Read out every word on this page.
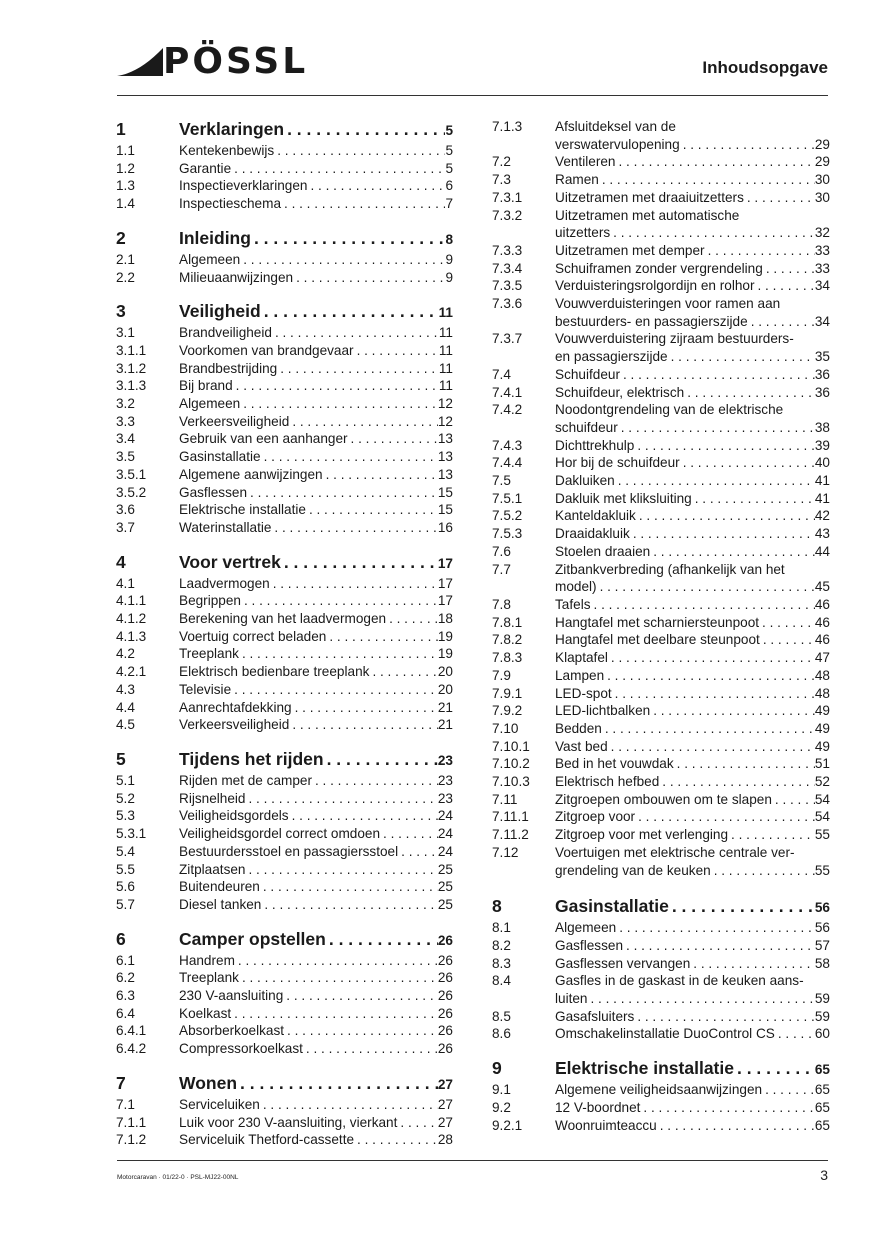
PÖSSL	Inhoudsopgave
1	Verklaringen . . .	5
1.1	Kentekenbewijs . . .	5
1.2	Garantie . . .	5
1.3	Inspectieverklaringen . . .	6
1.4	Inspectieschema . . .	7
2	Inleiding . . .	8
2.1	Algemeen . . .	9
2.2	Milieuaanwijzingen . . .	9
3	Veiligheid . . .	11
3.1	Brandveiligheid . . .	11
3.1.1	Voorkomen van brandgevaar . . .	11
3.1.2	Brandbestrijding . . .	11
3.1.3	Bij brand . . .	11
3.2	Algemeen . . .	12
3.3	Verkeersveiligheid . . .	12
3.4	Gebruik van een aanhanger . . .	13
3.5	Gasinstallatie . . .	13
3.5.1	Algemene aanwijzingen . . .	13
3.5.2	Gasflessen . . .	15
3.6	Elektrische installatie . . .	15
3.7	Waterinstallatie . . .	16
4	Voor vertrek . . .	17
4.1	Laadvermogen . . .	17
4.1.1	Begrippen . . .	17
4.1.2	Berekening van het laadvermogen . . .	18
4.1.3	Voertuig correct beladen . . .	19
4.2	Treeplank . . .	19
4.2.1	Elektrisch bedienbare treeplank . . .	20
4.3	Televisie . . .	20
4.4	Aanrechtafdekking . . .	21
4.5	Verkeersveiligheid . . .	21
5	Tijdens het rijden . . .	23
5.1	Rijden met de camper . . .	23
5.2	Rijsnelheid . . .	23
5.3	Veiligheidsgordels . . .	24
5.3.1	Veiligheidsgordel correct omdoen . . .	24
5.4	Bestuurdersstoel en passagiersstoel . . .	24
5.5	Zitplaatsen . . .	25
5.6	Buitendeuren . . .	25
5.7	Diesel tanken . . .	25
6	Camper opstellen . . .	26
6.1	Handrem . . .	26
6.2	Treeplank . . .	26
6.3	230 V-aansluiting . . .	26
6.4	Koelkast . . .	26
6.4.1	Absorberkoelkast . . .	26
6.4.2	Compressorkoelkast . . .	26
7	Wonen . . .	27
7.1	Serviceluiken . . .	27
7.1.1	Luik voor 230 V-aansluiting, vierkant . . .	27
7.1.2	Serviceluik Thetford-cassette . . .	28
7.1.3	Afsluitdeksel van de
verswatervulopening . . .	29
7.2	Ventileren . . .	29
7.3	Ramen . . .	30
7.3.1	Uitzetramen met draaiuitzetters . . .	30
7.3.2	Uitzetramen met automatische
uitzetters . . .	32
7.3.3	Uitzetramen met demper . . .	33
7.3.4	Schuiframen zonder vergrendeling . . .	33
7.3.5	Verduisteringsrolgordijn en rolhor . . .	34
7.3.6	Vouwverduisteringen voor ramen aan
bestuurders- en passagierszijde . . .	34
7.3.7	Vouwverduistering zijraam bestuurders-
en passagierszijde . . .	35
7.4	Schuifdeur . . .	36
7.4.1	Schuifdeur, elektrisch . . .	36
7.4.2	Noodontgrendeling van de elektrische
schuifdeur . . .	38
7.4.3	Dichttrekhulp . . .	39
7.4.4	Hor bij de schuifdeur . . .	40
7.5	Dakluiken . . .	41
7.5.1	Dakluik met kliksluiting . . .	41
7.5.2	Kanteldakluik . . .	42
7.5.3	Draaidakluik . . .	43
7.6	Stoelen draaien . . .	44
7.7	Zitbankverbreding (afhankelijk van het
model) . . .	45
7.8	Tafels . . .	46
7.8.1	Hangtafel met scharniersteunpoot . . .	46
7.8.2	Hangtafel met deelbare steunpoot . . .	46
7.8.3	Klaptafel . . .	47
7.9	Lampen . . .	48
7.9.1	LED-spot . . .	48
7.9.2	LED-lichtbalken . . .	49
7.10	Bedden . . .	49
7.10.1	Vast bed . . .	49
7.10.2	Bed in het vouwdak . . .	51
7.10.3	Elektrisch hefbed . . .	52
7.11	Zitgroepen ombouwen om te slapen . . .	54
7.11.1	Zitgroep voor . . .	54
7.11.2	Zitgroep voor met verlenging . . .	55
7.12	Voertuigen met elektrische centrale ver-
grendeling van de keuken . . .	55
8	Gasinstallatie . . .	56
8.1	Algemeen . . .	56
8.2	Gasflessen . . .	57
8.3	Gasflessen vervangen . . .	58
8.4	Gasfles in de gaskast in de keuken aans-
luiten . . .	59
8.5	Gasafsluiters . . .	59
8.6	Omschakelinstallatie DuoControl CS . . .	60
9	Elektrische installatie . . .	65
9.1	Algemene veiligheidsaanwijzingen . . .	65
9.2	12 V-boordnet . . .	65
9.2.1	Woonruimteaccu . . .	65
Motorcaravan · 01/22-0 · PSL-MJ22-00NL	3
